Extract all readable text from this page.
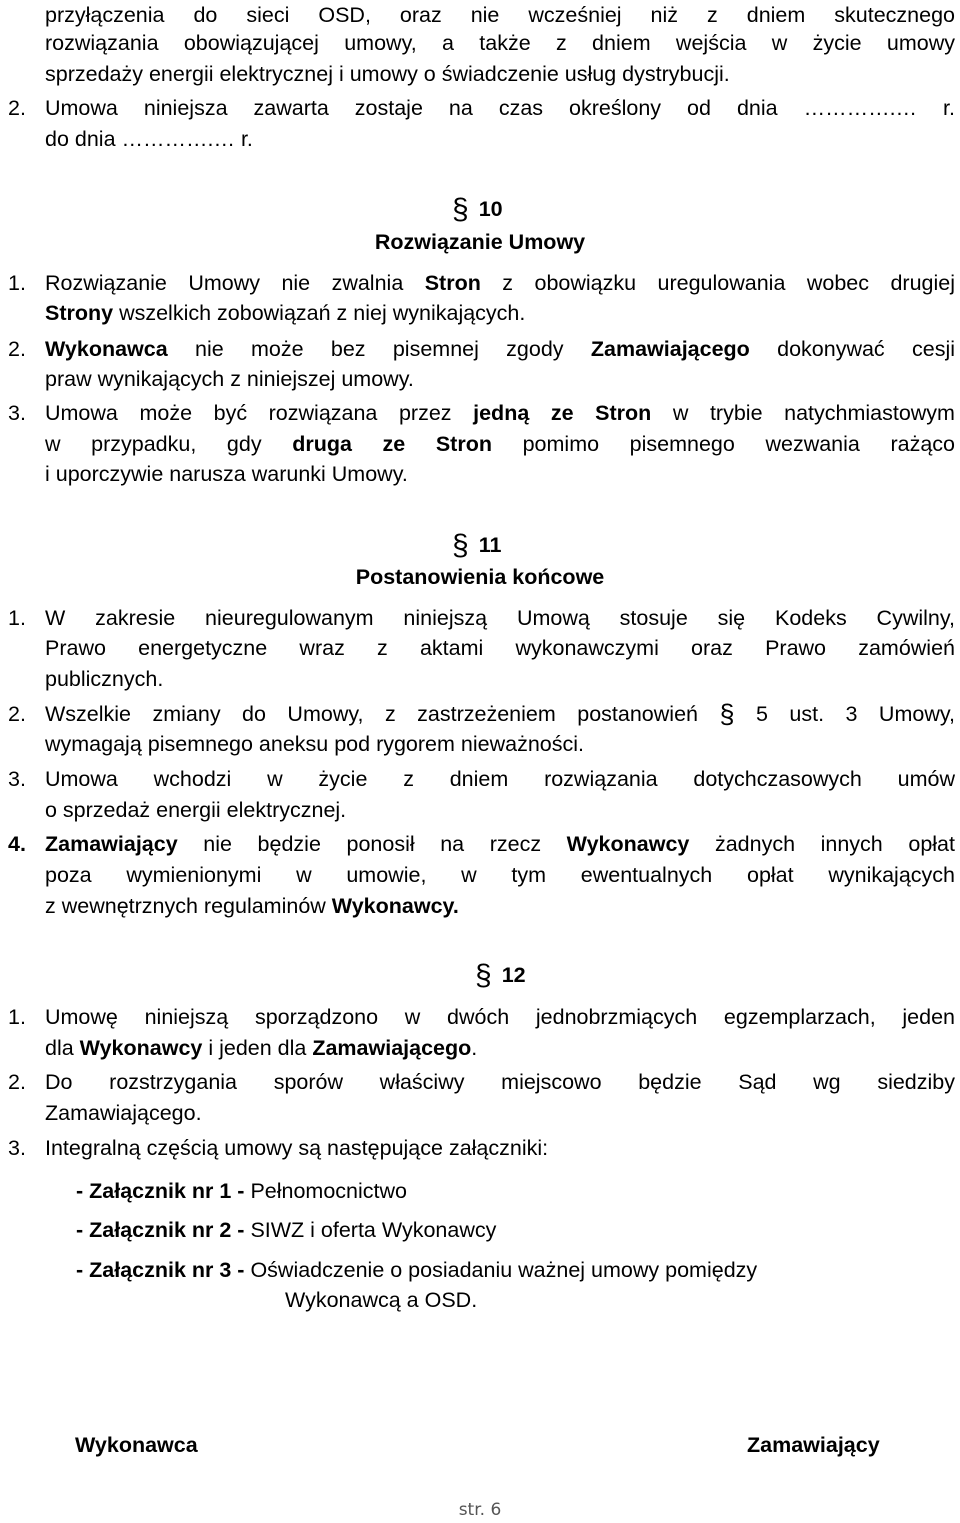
przyłączenia do sieci OSD, oraz nie wcześniej niż z dniem skutecznego
rozwiązania obowiązującej umowy, a także z dniem wejścia w życie umowy
sprzedaży energii elektrycznej i umowy o świadczenie usług dystrybucji.
2. Umowa niniejsza zawarta zostaje na czas określony od dnia ………….… r.
do dnia ………….… r.
§ 10
Rozwiązanie Umowy
1. Rozwiązanie Umowy nie zwalnia Stron z obowiązku uregulowania wobec drugiej
Strony wszelkich zobowiązań z niej wynikających.
2. Wykonawca nie może bez pisemnej zgody Zamawiającego dokonywać cesji
praw wynikających z niniejszej umowy.
3. Umowa może być rozwiązana przez jedną ze Stron w trybie natychmiastowym
w przypadku, gdy druga ze Stron pomimo pisemnego wezwania rażąco
i uporczywie narusza warunki Umowy.
§ 11
Postanowienia końcowe
1. W zakresie nieuregulowanym niniejszą Umową stosuje się Kodeks Cywilny,
Prawo energetyczne wraz z aktami wykonawczymi oraz Prawo zamówień
publicznych.
2. Wszelkie zmiany do Umowy, z zastrzeżeniem postanowień § 5 ust. 3 Umowy,
wymagają pisemnego aneksu pod rygorem nieważności.
3. Umowa wchodzi w życie z dniem rozwiązania dotychczasowych umów
o sprzedaż energii elektrycznej.
4. Zamawiający nie będzie ponosił na rzecz Wykonawcy żadnych innych opłat
poza wymienionymi w umowie, w tym ewentualnych opłat wynikających
z wewnętrznych regulaminów Wykonawcy.
§ 12
1. Umowę niniejszą sporządzono w dwóch jednobrzmiących egzemplarzach, jeden
dla Wykonawcy i jeden dla Zamawiającego.
2. Do rozstrzygania sporów właściwy miejscowo będzie Sąd wg siedziby
Zamawiającego.
3. Integralną częścią umowy są następujące załączniki:
- Załącznik nr 1 - Pełnomocnictwo
- Załącznik nr 2 - SIWZ i oferta Wykonawcy
- Załącznik nr 3 - Oświadczenie o posiadaniu ważnej umowy pomiędzy
Wykonawcą a OSD.
Wykonawca	Zamawiający
str. 6
